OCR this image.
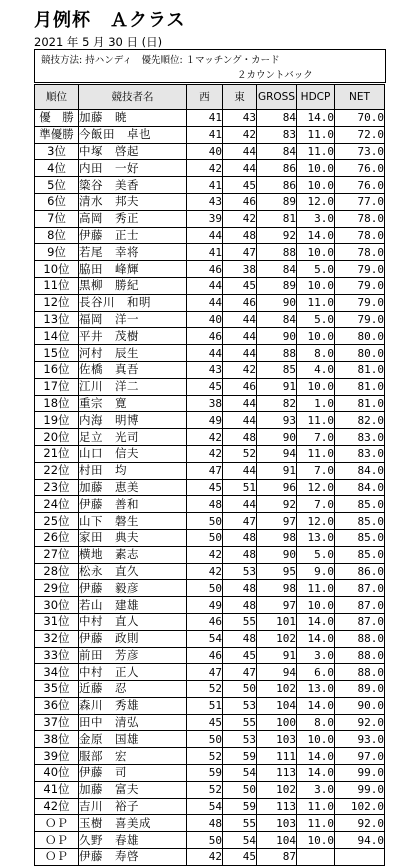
月例杯　Ａクラス
2021 年 5 月 30 日 (日)
競技方法: 持ハンディ　優先順位: １マッチング・カード
２カウントバック
順位	競技者名	西	東	GROSS	HDCP	NET
優　勝	加藤　暁	41	43	84	14.0	70.0
準優勝	今飯田　卓也	41	42	83	11.0	72.0
3位	中塚　啓起	40	44	84	11.0	73.0
4位	内田　一好	42	44	86	10.0	76.0
5位	簗谷　美香	41	45	86	10.0	76.0
6位	清水　邦夫	43	46	89	12.0	77.0
7位	高岡　秀正	39	42	81	3.0	78.0
8位	伊藤　正士	44	48	92	14.0	78.0
9位	若尾　幸将	41	47	88	10.0	78.0
10位	脇田　峰輝	46	38	84	5.0	79.0
11位	黒柳　勝紀	44	45	89	10.0	79.0
12位	長谷川　和明	44	46	90	11.0	79.0
13位	福岡　洋一	40	44	84	5.0	79.0
14位	平井　茂樹	46	44	90	10.0	80.0
15位	河村　辰生	44	44	88	8.0	80.0
16位	佐橋　真吾	43	42	85	4.0	81.0
17位	江川　洋二	45	46	91	10.0	81.0
18位	重宗　寛	38	44	82	1.0	81.0
19位	内海　明博	49	44	93	11.0	82.0
20位	足立　光司	42	48	90	7.0	83.0
21位	山口　信夫	42	52	94	11.0	83.0
22位	村田　均	47	44	91	7.0	84.0
23位	加藤　恵美	45	51	96	12.0	84.0
24位	伊藤　善和	48	44	92	7.0	85.0
25位	山下　磐生	50	47	97	12.0	85.0
26位	家田　典夫	50	48	98	13.0	85.0
27位	横地　素志	42	48	90	5.0	85.0
28位	松永　直久	42	53	95	9.0	86.0
29位	伊藤　毅彦	50	48	98	11.0	87.0
30位	若山　建雄	49	48	97	10.0	87.0
31位	中村　直人	46	55	101	14.0	87.0
32位	伊藤　政則	54	48	102	14.0	88.0
33位	前田　芳彦	46	45	91	3.0	88.0
34位	中村　正人	47	47	94	6.0	88.0
35位	近藤　忍	52	50	102	13.0	89.0
36位	森川　秀雄	51	53	104	14.0	90.0
37位	田中　清弘	45	55	100	8.0	92.0
38位	金原　国雄	50	53	103	10.0	93.0
39位	服部　宏	52	59	111	14.0	97.0
40位	伊藤　司	59	54	113	14.0	99.0
41位	加藤　富夫	52	50	102	3.0	99.0
42位	吉川　裕子	54	59	113	11.0	102.0
ＯＰ	玉樹　喜美成	48	55	103	11.0	92.0
ＯＰ	久野　春雄	50	54	104	10.0	94.0
ＯＰ	伊藤　寿啓	42	45	87		
